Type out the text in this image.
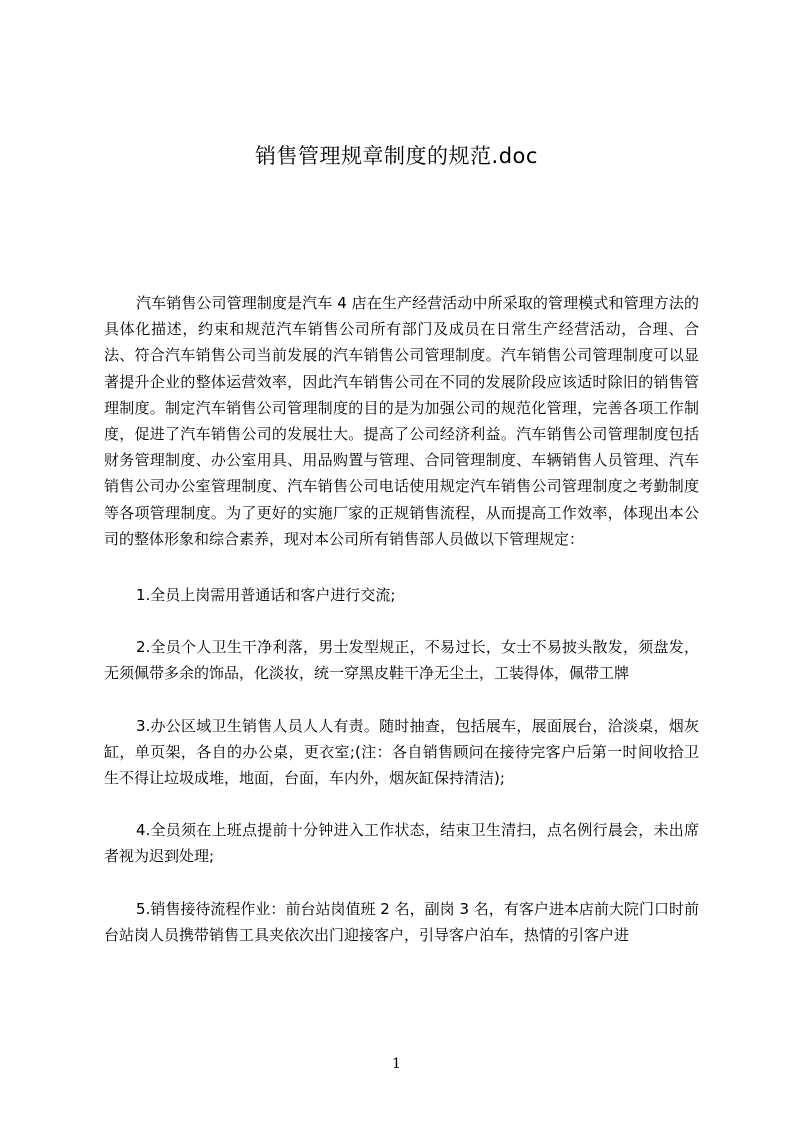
销售管理规章制度的规范.doc

汽车销售公司管理制度是汽车 4 店在生产经营活动中所采取的管理模式和管理方法的具体化描述，约束和规范汽车销售公司所有部门及成员在日常生产经营活动，合理、合法、符合汽车销售公司当前发展的汽车销售公司管理制度。汽车销售公司管理制度可以显著提升企业的整体运营效率，因此汽车销售公司在不同的发展阶段应该适时除旧的销售管理制度。制定汽车销售公司管理制度的目的是为加强公司的规范化管理，完善各项工作制度，促进了汽车销售公司的发展壮大。提高了公司经济利益。汽车销售公司管理制度包括财务管理制度、办公室用具、用品购置与管理、合同管理制度、车辆销售人员管理、汽车销售公司办公室管理制度、汽车销售公司电话使用规定汽车销售公司管理制度之考勤制度等各项管理制度。为了更好的实施厂家的正规销售流程，从而提高工作效率，体现出本公司的整体形象和综合素养，现对本公司所有销售部人员做以下管理规定：

1.全员上岗需用普通话和客户进行交流;

2.全员个人卫生干净利落，男士发型规正，不易过长，女士不易披头散发，须盘发，无须佩带多余的饰品，化淡妆，统一穿黑皮鞋干净无尘土，工装得体，佩带工牌

3.办公区域卫生销售人员人人有责。随时抽查，包括展车，展面展台，洽淡桌，烟灰缸，单页架，各自的办公桌，更衣室;(注：各自销售顾问在接待完客户后第一时间收拾卫生不得让垃圾成堆，地面，台面，车内外，烟灰缸保持清洁);

4.全员须在上班点提前十分钟进入工作状态，结束卫生清扫，点名例行晨会，未出席者视为迟到处理;

5.销售接待流程作业：前台站岗值班 2 名，副岗 3 名，有客户进本店前大院门口时前台站岗人员携带销售工具夹依次出门迎接客户，引导客户泊车，热情的引客户进

1
